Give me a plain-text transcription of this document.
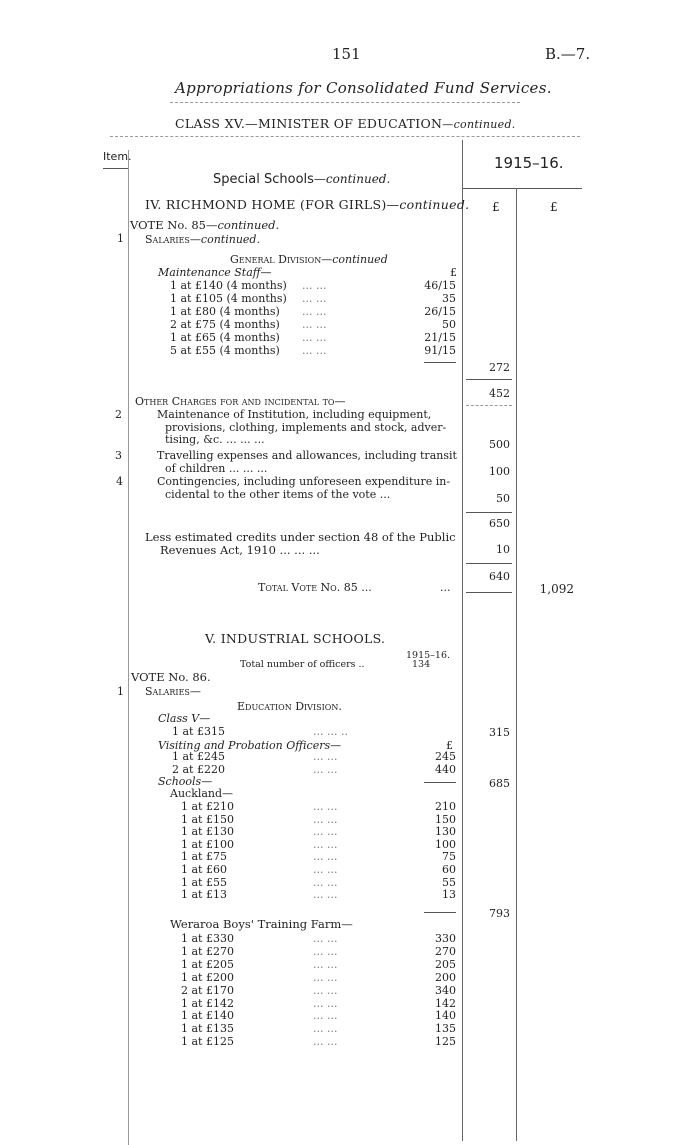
151	B.—7.
Appropriations for Consolidated Fund Services.
CLASS XV.—MINISTER OF EDUCATION—continued.
Item.	1915–16.
£	£
Special Schools—continued.
IV. RICHMOND HOME (FOR GIRLS)—continued.
VOTE No. 85—continued.
1 Salaries—continued.
General Division—continued
Maintenance Staff—	£
1 at £140 (4 months) ... ...	46/15
1 at £105 (4 months) ... ...	35
1 at £80 (4 months) ... ...	26/15
2 at £75 (4 months) ... ...	50
1 at £65 (4 months) ... ...	21/15
5 at £55 (4 months) ... ...	91/15
272
452
Other Charges for and incidental to—
2	Maintenance of Institution, including equipment,
provisions, clothing, implements and stock, adver-
tising, &c. ... ... ...	500
3	Travelling expenses and allowances, including transit
of children ... ... ...	100
4	Contingencies, including unforeseen expenditure in-
cidental to the other items of the vote ...	50
650
Less estimated credits under section 48 of the Public
Revenues Act, 1910 ... ... ...	10
640
Total Vote No. 85 ...	...	1,092
V. INDUSTRIAL SCHOOLS.
1915–16.
Total number of officers ..	134
VOTE No. 86.
1 Salaries—
Education Division.
Class V—
1 at £315	... ... ..	315
Visiting and Probation Officers—	£
1 at £245	... ...	245
2 at £220	... ...	440
Schools—	685
Auckland—
1 at £210	... ...	210
1 at £150	... ...	150
1 at £130	... ...	130
1 at £100	... ...	100
1 at £75	... ...	75
1 at £60	... ...	60
1 at £55	... ...	55
1 at £13	... ...	13
793
Weraroa Boys' Training Farm—
1 at £330	... ...	330
1 at £270	... ...	270
1 at £205	... ...	205
1 at £200	... ...	200
2 at £170	... ...	340
1 at £142	... ...	142
1 at £140	... ...	140
1 at £135	... ...	135
1 at £125	... ...	125
